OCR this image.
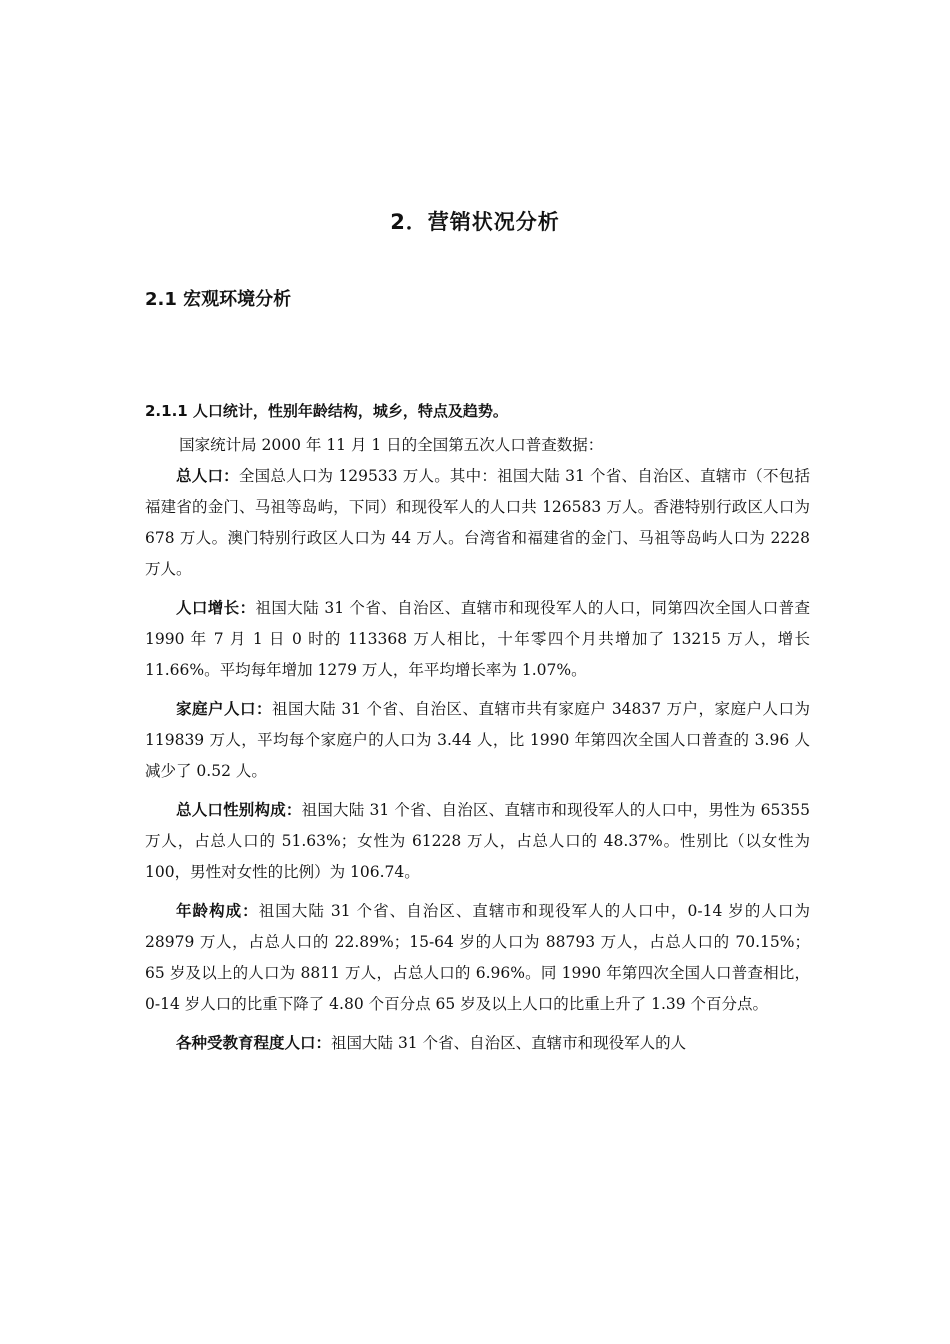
2．营销状况分析
2.1 宏观环境分析
2.1.1 人口统计，性别年龄结构，城乡，特点及趋势。

国家统计局 2000 年 11 月 1 日的全国第五次人口普查数据：

总人口：全国总人口为 129533 万人。其中：祖国大陆 31 个省、自治区、直辖市（不包括福建省的金门、马祖等岛屿，下同）和现役军人的人口共 126583 万人。香港特别行政区人口为 678 万人。澳门特别行政区人口为 44 万人。台湾省和福建省的金门、马祖等岛屿人口为 2228 万人。

人口增长：祖国大陆 31 个省、自治区、直辖市和现役军人的人口，同第四次全国人口普查 1990 年 7 月 1 日 0 时的 113368 万人相比，十年零四个月共增加了 13215 万人，增长 11.66%。平均每年增加 1279 万人，年平均增长率为 1.07%。

家庭户人口：祖国大陆 31 个省、自治区、直辖市共有家庭户 34837 万户，家庭户人口为 119839 万人，平均每个家庭户的人口为 3.44 人，比 1990 年第四次全国人口普查的 3.96 人减少了 0.52 人。

总人口性别构成：祖国大陆 31 个省、自治区、直辖市和现役军人的人口中，男性为 65355 万人，占总人口的 51.63%；女性为 61228 万人，占总人口的 48.37%。性别比（以女性为 100，男性对女性的比例）为 106.74。

年龄构成：祖国大陆 31 个省、自治区、直辖市和现役军人的人口中，0-14 岁的人口为 28979 万人，占总人口的 22.89%；15-64 岁的人口为 88793 万人，占总人口的 70.15%；65 岁及以上的人口为 8811 万人，占总人口的 6.96%。同 1990 年第四次全国人口普查相比，0-14 岁人口的比重下降了 4.80 个百分点 65 岁及以上人口的比重上升了 1.39 个百分点。

各种受教育程度人口：祖国大陆 31 个省、自治区、直辖市和现役军人的人
